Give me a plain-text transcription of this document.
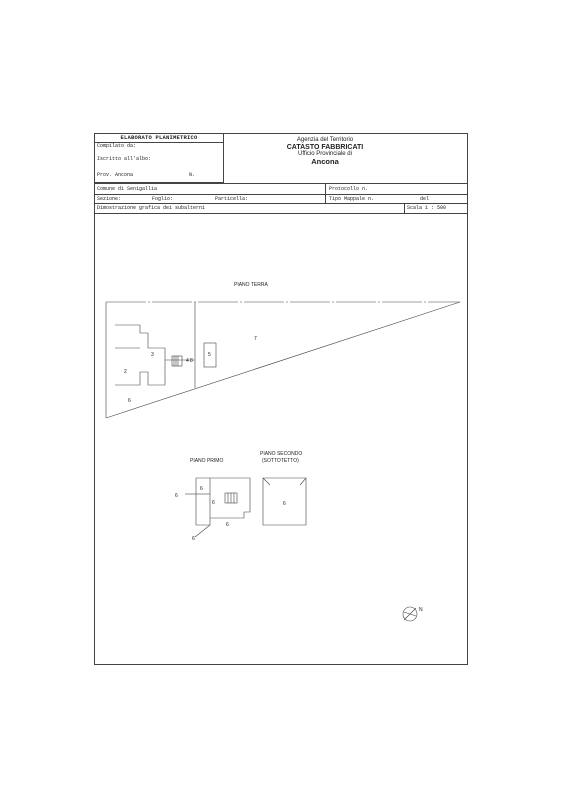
ELABORATO PLANIMETRICO
Compilato da:
Iscritto all'albo:
Prov. Ancona	N.
Agenzia del Territorio
CATASTO FABBRICATI
Ufficio Provinciale di
Ancona
Comune di Senigallia	Protocollo n.
Sezione:	Foglio:	Particella:	Tipo Mappale n.	del
Dimostrazione grafica dei subalterni	Scala 1 : 500
PIANO TERRA
2
3
6
7
5
4 8
6
6
6
6
6
PIANO PRIMO
6
PIANO SECONDO
(SOTTOTETTO)
N
